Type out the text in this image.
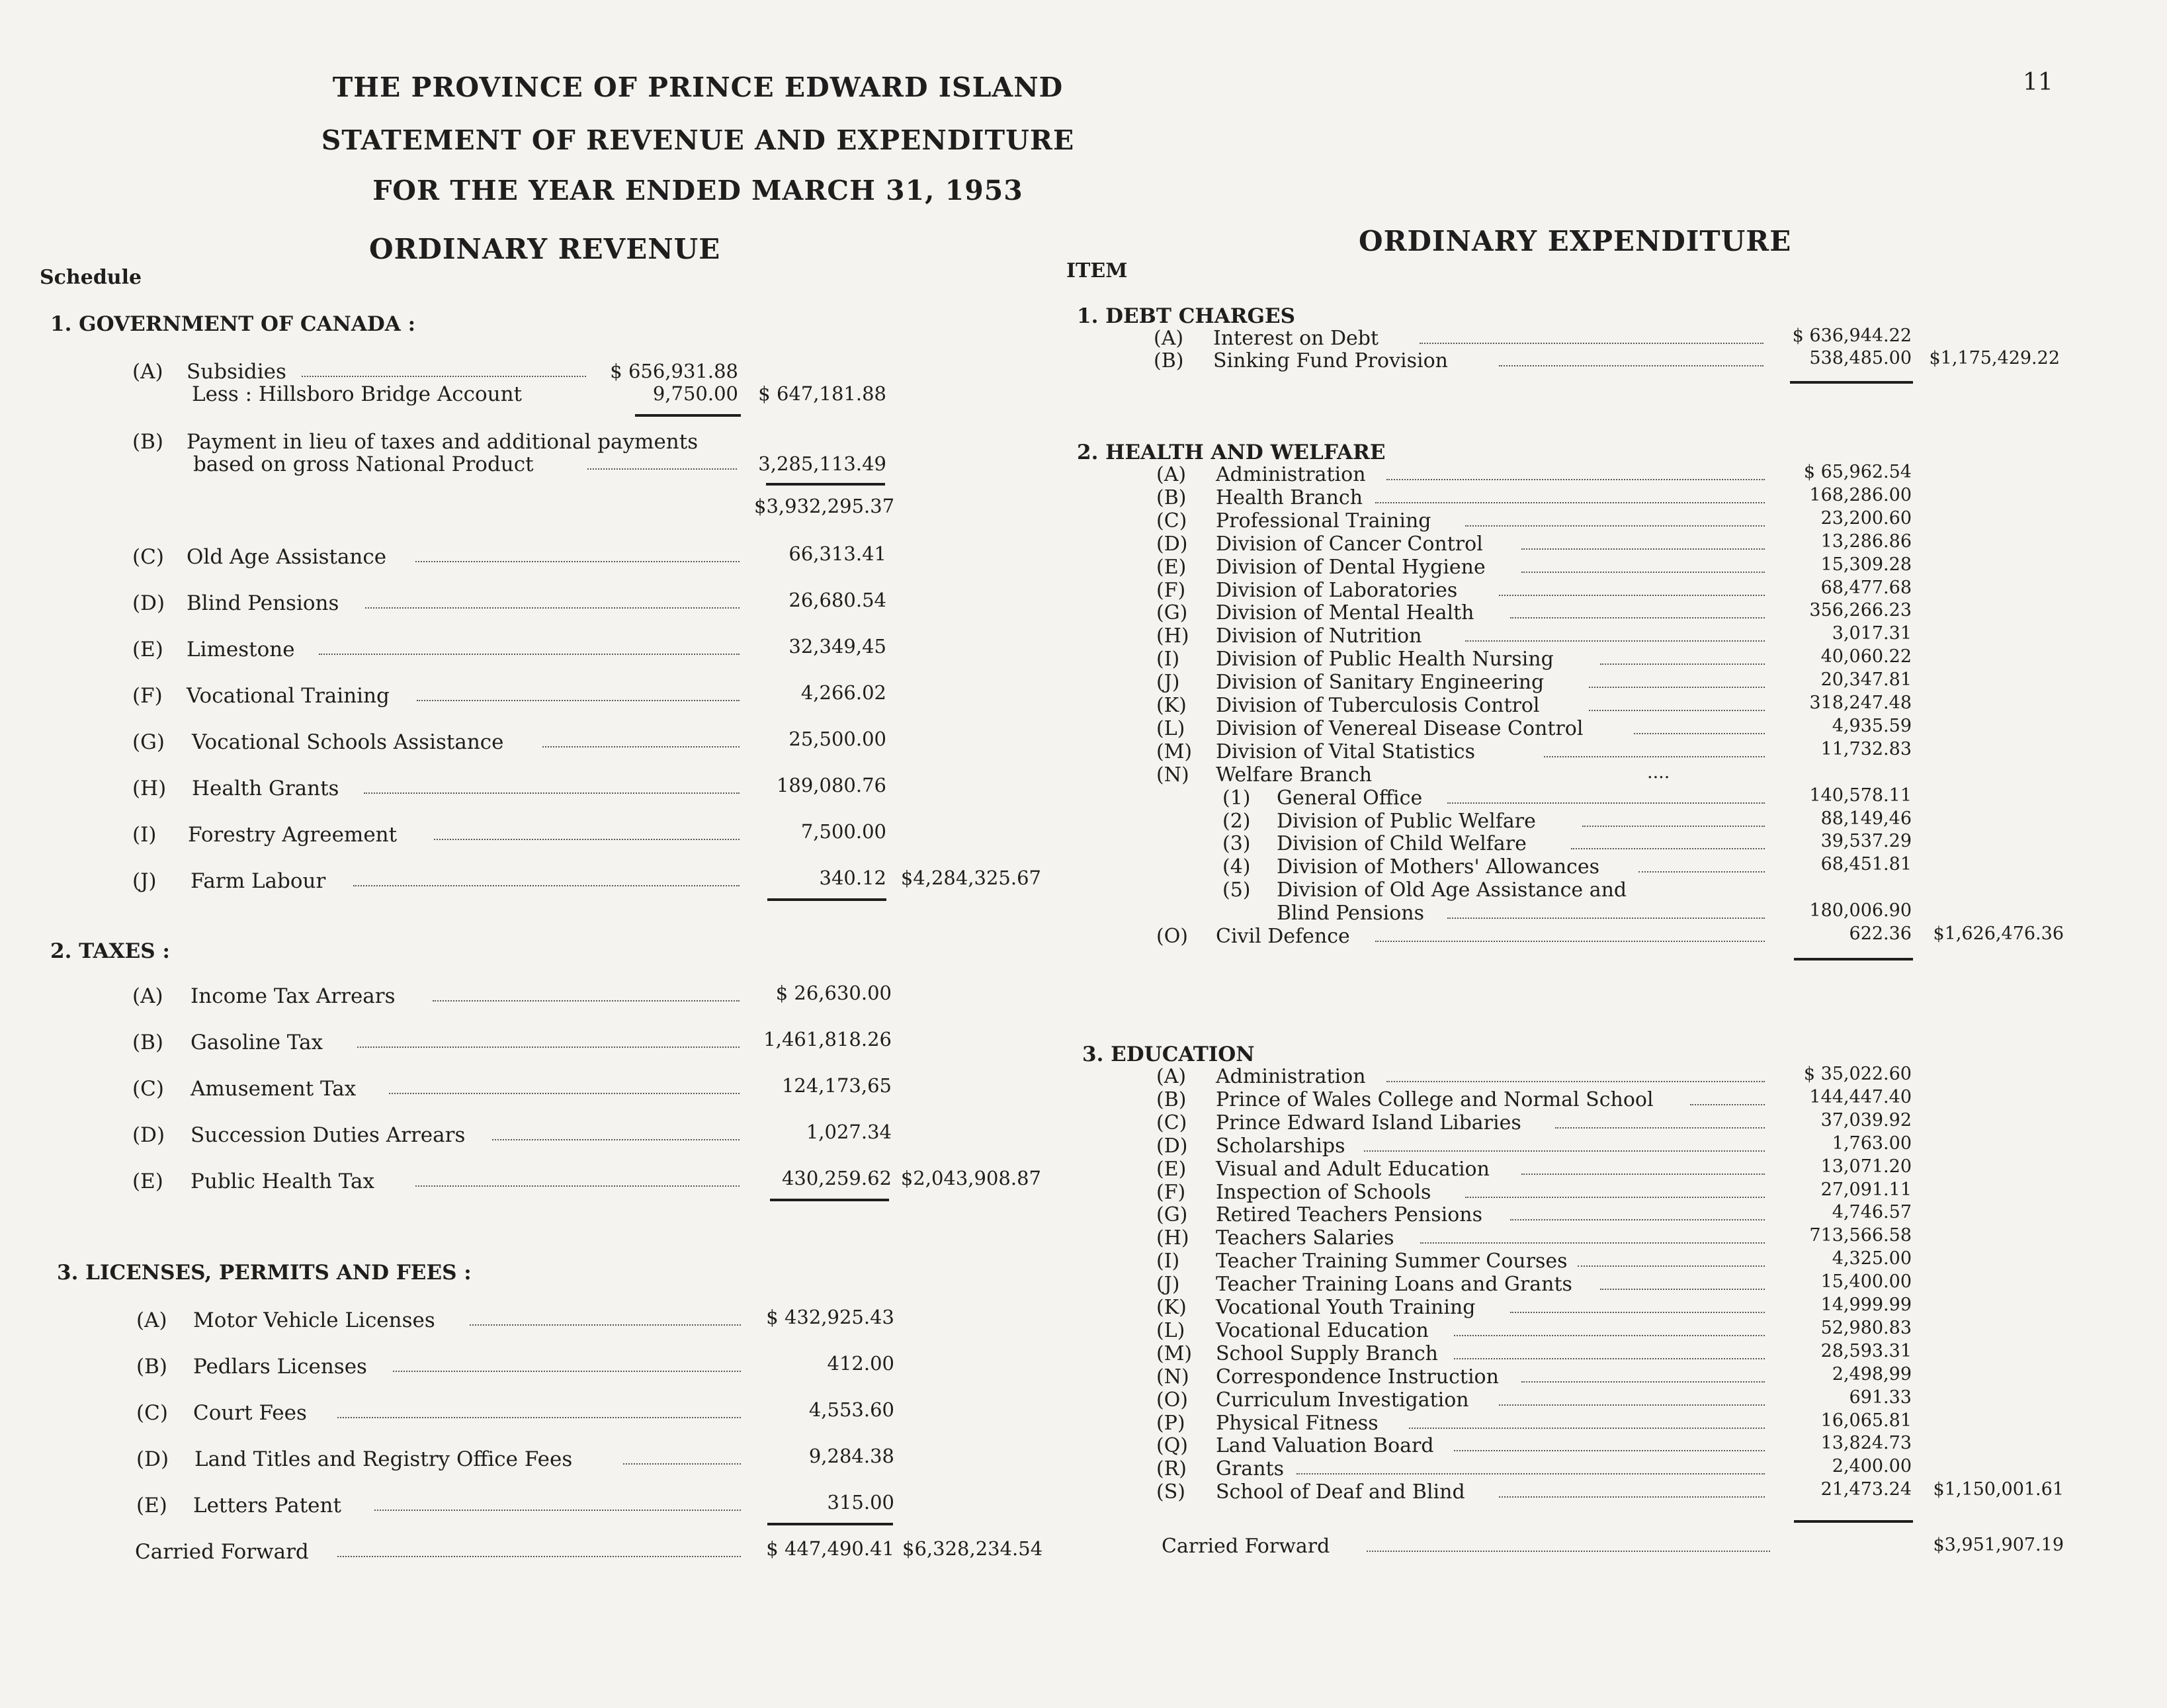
THE PROVINCE OF PRINCE EDWARD ISLAND
STATEMENT OF REVENUE AND EXPENDITURE
FOR THE YEAR ENDED MARCH 31, 1953
11
ORDINARY REVENUE
Schedule
1. GOVERNMENT OF CANADA :
(A) Subsidies	$ 656,931.88
Less : Hillsboro Bridge Account	9,750.00 $ 647,181.88
(B) Payment in lieu of taxes and additional payments
based on gross National Product	3,285,113.49
$3,932,295.37
(C) Old Age Assistance	66,313.41
(D) Blind Pensions	26,680.54
(E) Limestone	32,349,45
(F) Vocational Training	4,266.02
(G) Vocational Schools Assistance	25,500.00
(H) Health Grants	189,080.76
(I) Forestry Agreement	7,500.00
(J) Farm Labour	340.12 $4,284,325.67
2. TAXES :
(A) Income Tax Arrears	$ 26,630.00
(B) Gasoline Tax	1,461,818.26
(C) Amusement Tax	124,173,65
(D) Succession Duties Arrears	1,027.34
(E) Public Health Tax	430,259.62 $2,043,908.87
3. LICENSES, PERMITS AND FEES :
(A) Motor Vehicle Licenses	$ 432,925.43
(B) Pedlars Licenses	412.00
(C) Court Fees	4,553.60
(D) Land Titles and Registry Office Fees	9,284.38
(E) Letters Patent	315.00
Carried Forward	$ 447,490.41 $6,328,234.54
ORDINARY EXPENDITURE
ITEM
1. DEBT CHARGES
(A) Interest on Debt	$ 636,944.22
(B) Sinking Fund Provision	538,485.00 $1,175,429.22
2. HEALTH AND WELFARE
(A) Administration	$ 65,962.54
(B) Health Branch	168,286.00
(C) Professional Training	23,200.60
(D) Division of Cancer Control	13,286.86
(E) Division of Dental Hygiene	15,309.28
(F) Division of Laboratories	68,477.68
(G) Division of Mental Health	356,266.23
(H) Division of Nutrition	3,017.31
(I) Division of Public Health Nursing	40,060.22
(J) Division of Sanitary Engineering	20,347.81
(K) Division of Tuberculosis Control	318,247.48
(L) Division of Venereal Disease Control	4,935.59
(M) Division of Vital Statistics	11,732.83
(N) Welfare Branch	....
(1) General Office	140,578.11
(2) Division of Public Welfare	88,149,46
(3) Division of Child Welfare	39,537.29
(4) Division of Mothers' Allowances	68,451.81
(5) Division of Old Age Assistance and
Blind Pensions	180,006.90
(O) Civil Defence	622.36	$1,626,476.36
3. EDUCATION
(A) Administration	$ 35,022.60
(B) Prince of Wales College and Normal School	144,447.40
(C) Prince Edward Island Libaries	37,039.92
(D) Scholarships	1,763.00
(E) Visual and Adult Education	13,071.20
(F) Inspection of Schools	27,091.11
(G) Retired Teachers Pensions	4,746.57
(H) Teachers Salaries	713,566.58
(I) Teacher Training Summer Courses	4,325.00
(J) Teacher Training Loans and Grants	15,400.00
(K) Vocational Youth Training	14,999.99
(L) Vocational Education	52,980.83
(M) School Supply Branch	28,593.31
(N) Correspondence Instruction	2,498,99
(O) Curriculum Investigation	691.33
(P) Physical Fitness	16,065.81
(Q) Land Valuation Board	13,824.73
(R) Grants	2,400.00
(S) School of Deaf and Blind	21,473.24	$1,150,001.61
Carried Forward	$3,951,907.19
